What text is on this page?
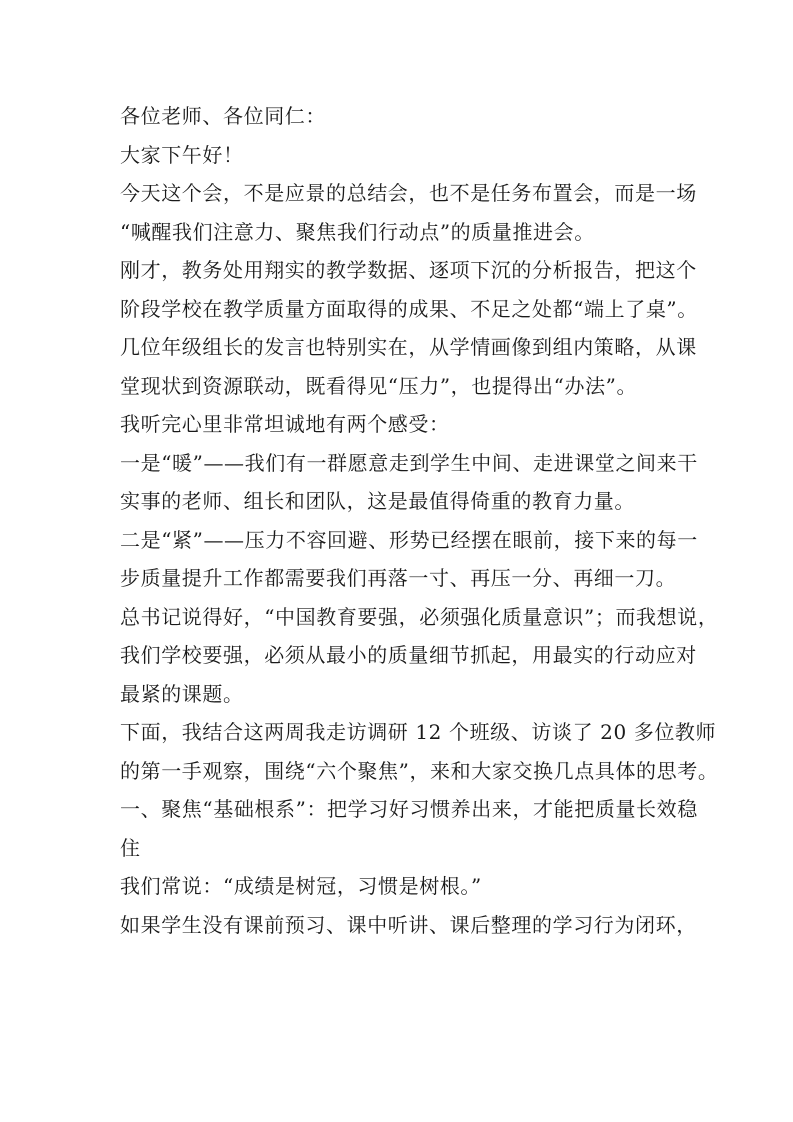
各位老师、各位同仁：
大家下午好！
今天这个会，不是应景的总结会，也不是任务布置会，而是一场
“喊醒我们注意力、聚焦我们行动点”的质量推进会。
刚才，教务处用翔实的教学数据、逐项下沉的分析报告，把这个
阶段学校在教学质量方面取得的成果、不足之处都“端上了桌”。
几位年级组长的发言也特别实在，从学情画像到组内策略，从课
堂现状到资源联动，既看得见“压力”，也提得出“办法”。
我听完心里非常坦诚地有两个感受：
一是“暖”——我们有一群愿意走到学生中间、走进课堂之间来干
实事的老师、组长和团队，这是最值得倚重的教育力量。
二是“紧”——压力不容回避、形势已经摆在眼前，接下来的每一
步质量提升工作都需要我们再落一寸、再压一分、再细一刀。
总书记说得好，“中国教育要强，必须强化质量意识”；而我想说，
我们学校要强，必须从最小的质量细节抓起，用最实的行动应对
最紧的课题。
下面，我结合这两周我走访调研 12 个班级、访谈了 20 多位教师
的第一手观察，围绕“六个聚焦”，来和大家交换几点具体的思考。
一、聚焦“基础根系”：把学习好习惯养出来，才能把质量长效稳
住
我们常说：“成绩是树冠，习惯是树根。”
如果学生没有课前预习、课中听讲、课后整理的学习行为闭环，
